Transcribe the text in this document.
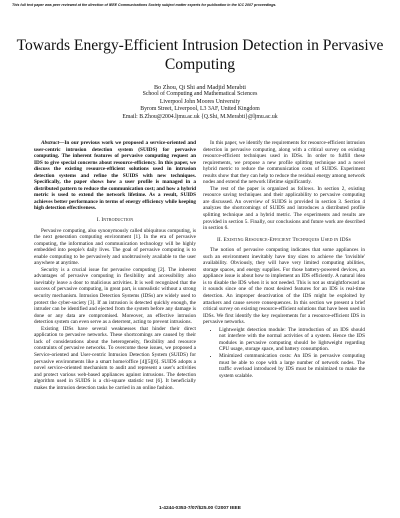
This full text paper was peer reviewed at the direction of IEEE Communications Society subject matter experts for publication in the ICC 2007 proceedings.
Towards Energy-Efficient Intrusion Detection in Pervasive Computing
Bo Zhou, Qi Shi and Madjid Merabti
School of Computing and Mathematical Sciences
Liverpool John Moores University
Byrom Street, Liverpool, L3 3AF, United Kingdom
Email: B.Zhou@2004.ljmu.ac.uk {Q.Shi, M.Merabti}@ljmu.ac.uk

Abstract—In our previous work we proposed a service-oriented and user-centric intrusion detection system (SUIDS) for pervasive computing. The inherent features of pervasive computing request an IDS to give special concerns about resource-efficiency. In this paper, we discuss the existing resource-efficient solutions used in intrusion detection systems and refine the SUIDS with new techniques. Specifically, the paper shows how a user profile is managed in a distributed pattern to reduce the communication cost; and how a hybrid metric is used to extend the network lifetime. As a result, SUIDS achieves better performance in terms of energy efficiency while keeping high detection effectiveness.

I. Introduction

Pervasive computing, also synonymously called ubiquitous computing, is the next generation computing environment [1]. In the era of pervasive computing, the information and communication technology will be highly embedded into people's daily lives. The goal of pervasive computing is to enable computing to be pervasively and unobtrusively available to the user anywhere at anytime.

Security is a crucial issue for pervasive computing [2]. The inherent advantages of pervasive computing in flexibility and accessibility also inevitably leave a door to malicious activities. It is well recognized that the success of pervasive computing, in great part, is unrealistic without a strong security mechanism. Intrusion Detection Systems (IDSs) are widely used to protect the cyber-society [3]. If an intrusion is detected quickly enough, the intruder can be identified and ejected from the system before any damage is done or any data are compromised. Moreover, an effective intrusion detection system can even serve as a deterrent, acting to prevent intrusions.

Existing IDSs have several weaknesses that hinder their direct application to pervasive networks. These shortcomings are caused by their lack of considerations about the heterogeneity, flexibility and resource constraints of pervasive networks. To overcome these issues, we proposed a Service-oriented and User-centric Intrusion Detection System (SUIDS) for pervasive environments like a smart home/office [4][5][6]. SUIDS adopts a novel service-oriented mechanism to audit and represent a user's activities and protect various web-based appliances against intrusions. The detection algorithm used in SUIDS is a chi-square statistic test [6]. It beneficially makes the intrusion detection tasks be carried in an online fashion.

In this paper, we identify the requirements for resource-efficient intrusion detection in pervasive computing, along with a critical survey on existing resource-efficient techniques used in IDSs. In order to fulfill these requirements, we propose a new profile splitting technique and a novel hybrid metric to reduce the communication costs of SUIDS. Experiment results show that they can help to reduce the residual energy among network nodes and extend the network lifetime significantly.

The rest of the paper is organized as follows. In section 2, existing resource saving techniques and their applicability to pervasive computing are discussed. An overview of SUIDS is provided in section 3. Section 4 analyzes the shortcomings of SUIDS and introduces a distributed profile splitting technique and a hybrid metric. The experiments and results are provided in section 5. Finally, our conclusions and future work are described in section 6.

II. Existing Resource-Efficient Techniques Used in IDSs

The notion of pervasive computing indicates that some appliances in such an environment inevitably have tiny sizes to achieve the 'invisible' availability. Obviously, they will have very limited computing abilities, storage spaces, and energy supplies. For those battery-powered devices, an appliance issue is about how to implement an IDS efficiently. A natural idea is to disable the IDS when it is not needed. This is not as straightforward as it sounds since one of the most desired features for an IDS is real-time detection. An improper deactivation of the IDS might be exploited by attackers and cause severe consequences. In this section we present a brief critical survey on existing resource-efficient solutions that have been used in IDSs. We first identify the key requirements for a resource-efficient IDS in pervasive networks.

• Lightweight detection module: The introduction of an IDS should not interfere with the normal activities of a system. Hence the IDS modules in pervasive computing should be lightweight regarding CPU usage, storage space, and battery consumption.
• Minimized communication costs: An IDS in pervasive computing must be able to cope with a large number of network nodes. The traffic overload introduced by IDS must be minimized to make the system scalable.
1-4244-0353-7/07/$25.00 ©2007 IEEE
